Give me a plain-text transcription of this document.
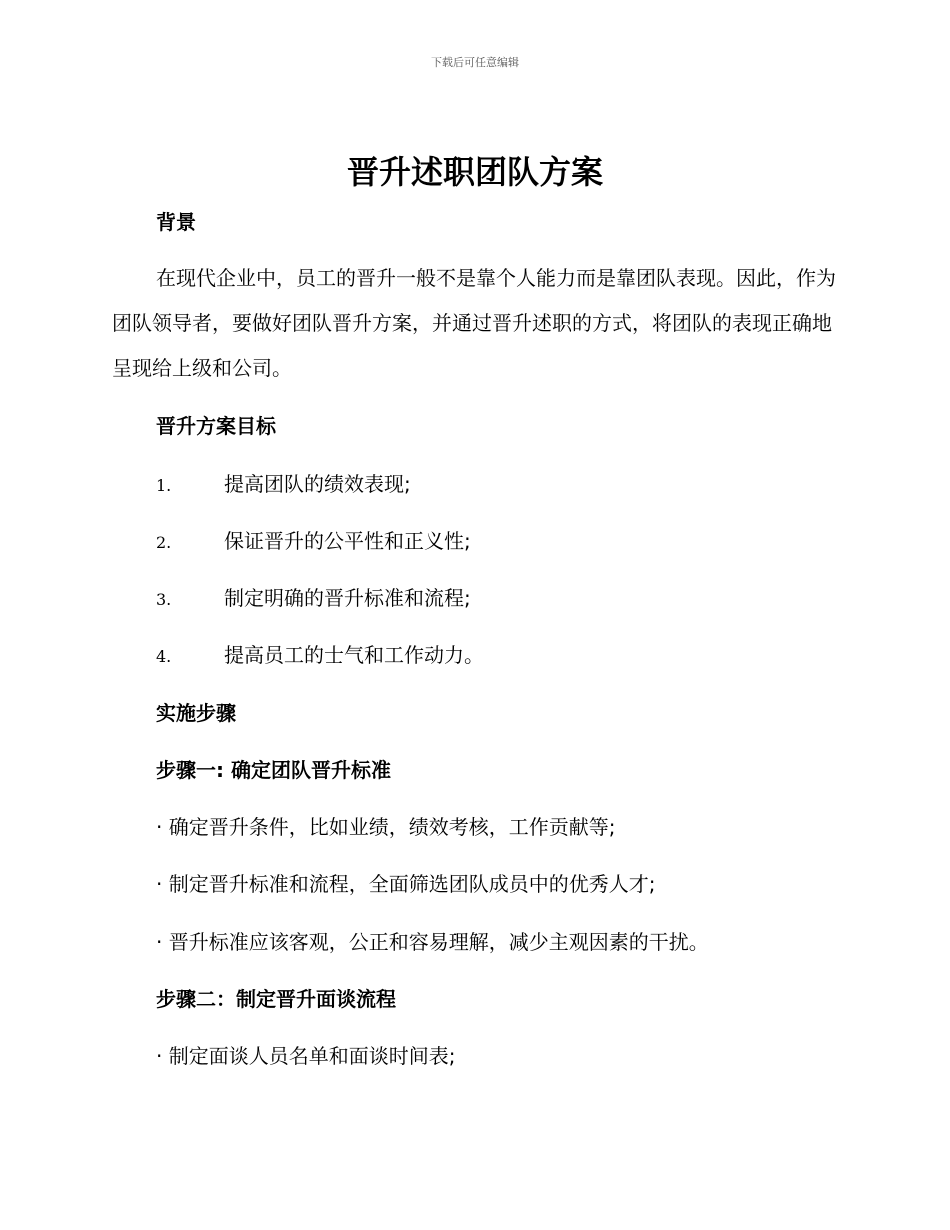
下载后可任意编辑
晋升述职团队方案
背景
在现代企业中，员工的晋升一般不是靠个人能力而是靠团队表现。因此，作为团队领导者，要做好团队晋升方案，并通过晋升述职的方式，将团队的表现正确地呈现给上级和公司。
晋升方案目标
1.	提高团队的绩效表现;
2.	保证晋升的公平性和正义性;
3.	制定明确的晋升标准和流程;
4.	提高员工的士气和工作动力。
实施步骤
步骤一: 确定团队晋升标准
· 确定晋升条件，比如业绩，绩效考核，工作贡献等;
· 制定晋升标准和流程，全面筛选团队成员中的优秀人才;
· 晋升标准应该客观，公正和容易理解，减少主观因素的干扰。
步骤二：制定晋升面谈流程
· 制定面谈人员名单和面谈时间表;
